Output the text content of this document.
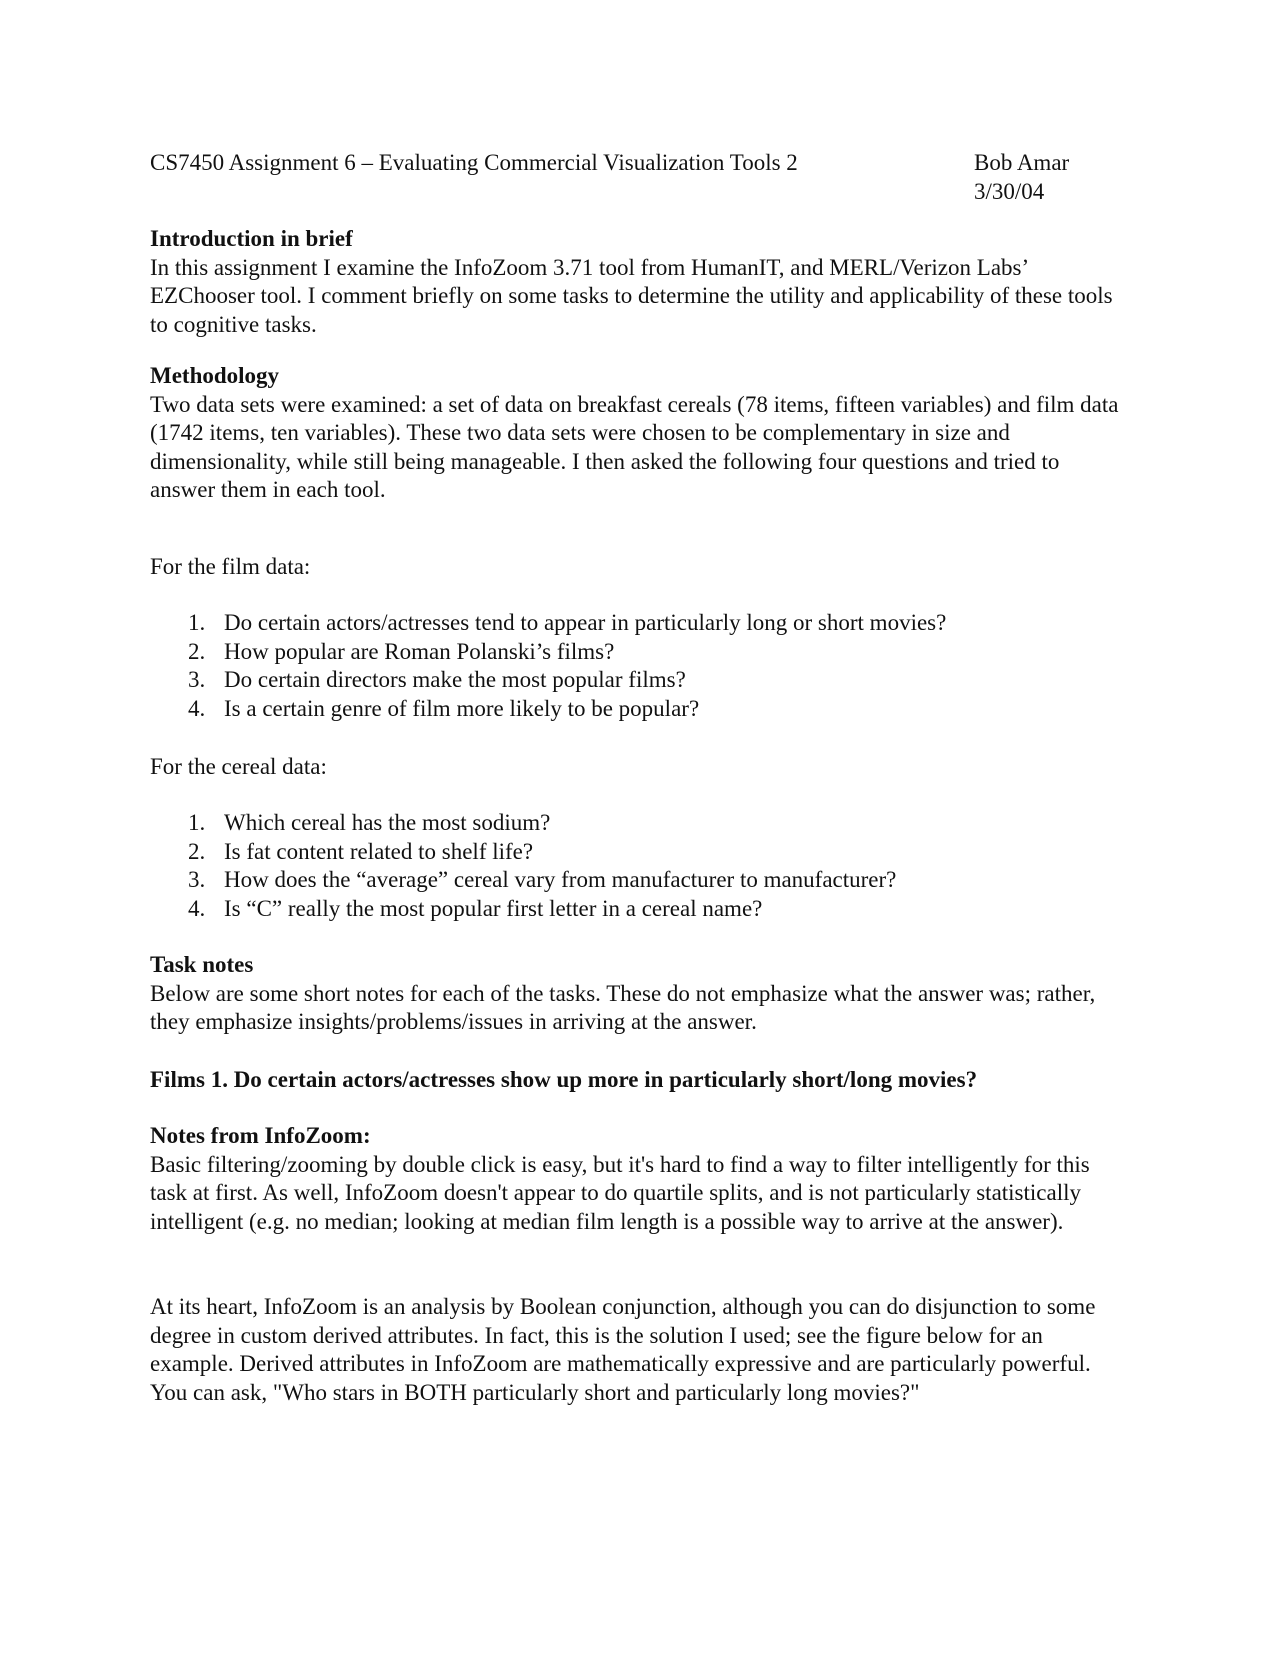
CS7450 Assignment 6 – Evaluating Commercial Visualization Tools 2	Bob Amar
3/30/04
Introduction in brief

In this assignment I examine the InfoZoom 3.71 tool from HumanIT, and MERL/Verizon Labs’ EZChooser tool. I comment briefly on some tasks to determine the utility and applicability of these tools to cognitive tasks.

Methodology

Two data sets were examined: a set of data on breakfast cereals (78 items, fifteen variables) and film data (1742 items, ten variables). These two data sets were chosen to be complementary in size and dimensionality, while still being manageable. I then asked the following four questions and tried to answer them in each tool.

For the film data:
1. Do certain actors/actresses tend to appear in particularly long or short movies?
2. How popular are Roman Polanski’s films?
3. Do certain directors make the most popular films?
4. Is a certain genre of film more likely to be popular?
For the cereal data:
1. Which cereal has the most sodium?
2. Is fat content related to shelf life?
3. How does the “average” cereal vary from manufacturer to manufacturer?
4. Is “C” really the most popular first letter in a cereal name?
Task notes

Below are some short notes for each of the tasks. These do not emphasize what the answer was; rather, they emphasize insights/problems/issues in arriving at the answer.

Films 1. Do certain actors/actresses show up more in particularly short/long movies?
Notes from InfoZoom:

Basic filtering/zooming by double click is easy, but it's hard to find a way to filter intelligently for this task at first. As well, InfoZoom doesn't appear to do quartile splits, and is not particularly statistically intelligent (e.g. no median; looking at median film length is a possible way to arrive at the answer).

At its heart, InfoZoom is an analysis by Boolean conjunction, although you can do disjunction to some degree in custom derived attributes. In fact, this is the solution I used; see the figure below for an example. Derived attributes in InfoZoom are mathematically expressive and are particularly powerful. You can ask, "Who stars in BOTH particularly short and particularly long movies?"
